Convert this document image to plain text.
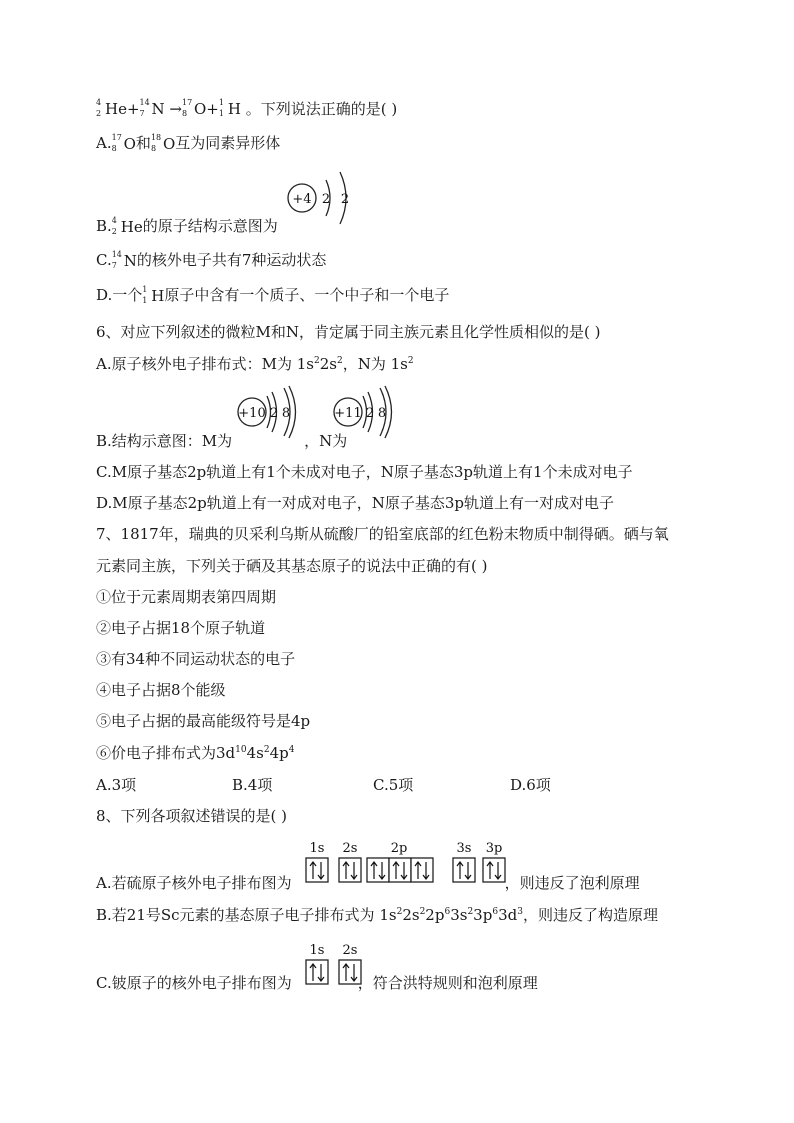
4
2 He+ 14
7 N → 17
8 O+ 1
1 H 。下列说法正确的是( )
A. 17
8 O和 18
8 O互为同素异形体
+4 2 2
B. 4
2 He的原子结构示意图为
C. 14
7 N的核外电子共有7种运动状态
D.一个 1
1 H原子中含有一个质子、一个中子和一个电子
6、对应下列叙述的微粒M和N，肯定属于同主族元素且化学性质相似的是( )
A.原子核外电子排布式：M为 $1s^22s^2$，N为 $1s^2$
+10 2 8	+11 2 8
B.结构示意图：M为	，N为
C.M原子基态2p轨道上有1个未成对电子，N原子基态3p轨道上有1个未成对电子
D.M原子基态2p轨道上有一对成对电子，N原子基态3p轨道上有一对成对电子
7、1817年，瑞典的贝采利乌斯从硫酸厂的铅室底部的红色粉末物质中制得硒。硒与氧
元素同主族，下列关于硒及其基态原子的说法中正确的有( )
①位于元素周期表第四周期
②电子占据18个原子轨道
③有34种不同运动状态的电子
④电子占据8个能级
⑤电子占据的最高能级符号是4p
⑥价电子排布式为$3d^{10}4s^24p^4$
A.3项	B.4项	C.5项	D.6项
8、下列各项叙述错误的是( )
1s 2s	2p	3s 3p
A.若硫原子核外电子排布图为	，则违反了泡利原理
B.若21号Sc元素的基态原子电子排布式为 $1s^22s^22p^63s^23p^63d^3$，则违反了构造原理
1s 2s
C.铍原子的核外电子排布图为	，符合洪特规则和泡利原理
